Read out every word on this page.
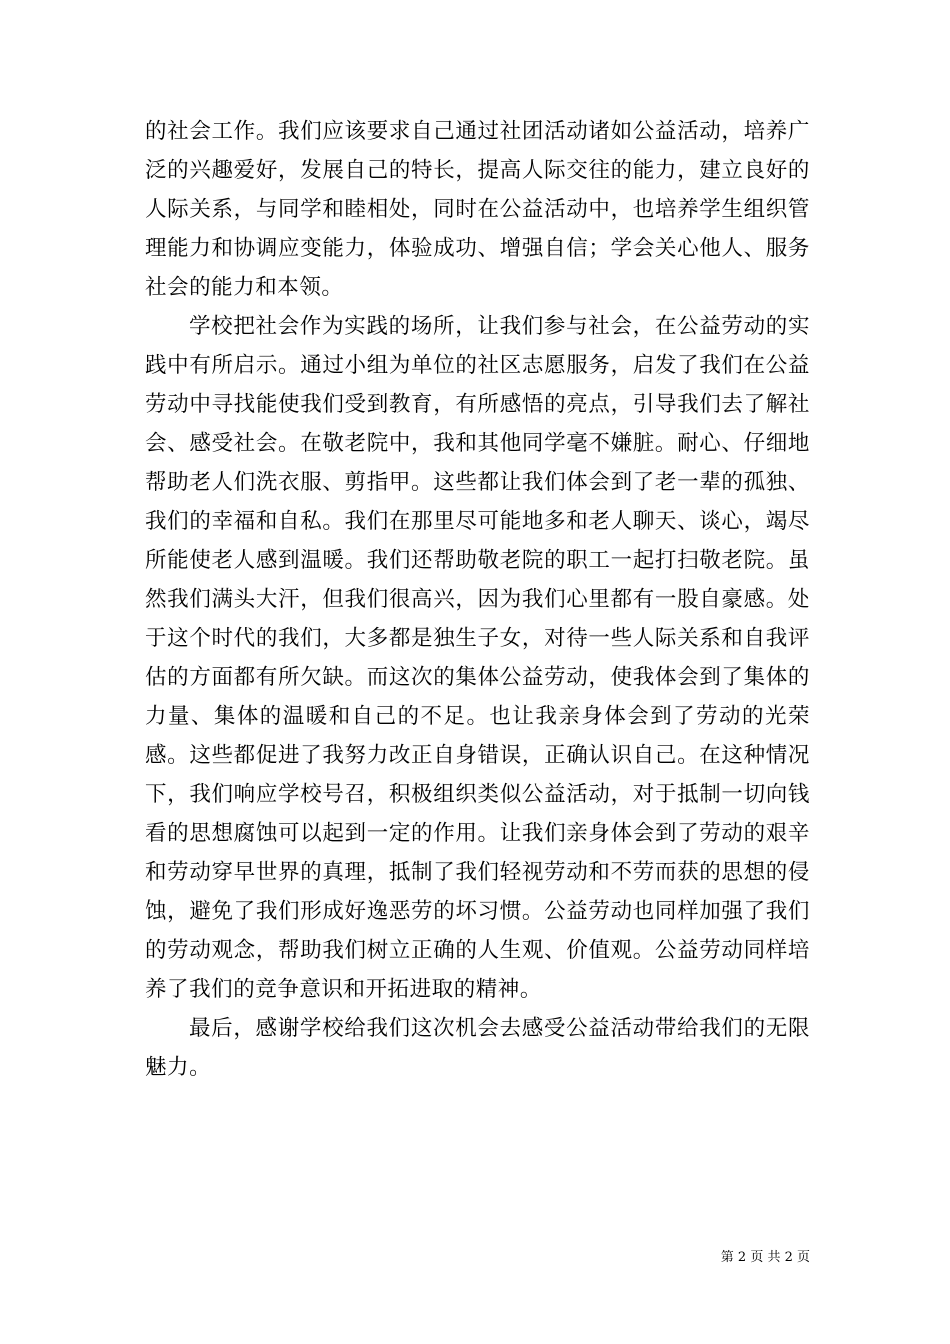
的社会工作。我们应该要求自己通过社团活动诸如公益活动，培养广泛的兴趣爱好，发展自己的特长，提高人际交往的能力，建立良好的人际关系，与同学和睦相处，同时在公益活动中，也培养学生组织管理能力和协调应变能力，体验成功、增强自信；学会关心他人、服务社会的能力和本领。

学校把社会作为实践的场所，让我们参与社会，在公益劳动的实践中有所启示。通过小组为单位的社区志愿服务，启发了我们在公益劳动中寻找能使我们受到教育，有所感悟的亮点，引导我们去了解社会、感受社会。在敬老院中，我和其他同学毫不嫌脏。耐心、仔细地帮助老人们洗衣服、剪指甲。这些都让我们体会到了老一辈的孤独、我们的幸福和自私。我们在那里尽可能地多和老人聊天、谈心，竭尽所能使老人感到温暖。我们还帮助敬老院的职工一起打扫敬老院。虽然我们满头大汗，但我们很高兴，因为我们心里都有一股自豪感。处于这个时代的我们，大多都是独生子女，对待一些人际关系和自我评估的方面都有所欠缺。而这次的集体公益劳动，使我体会到了集体的力量、集体的温暖和自己的不足。也让我亲身体会到了劳动的光荣感。这些都促进了我努力改正自身错误，正确认识自己。在这种情况下，我们响应学校号召，积极组织类似公益活动，对于抵制一切向钱看的思想腐蚀可以起到一定的作用。让我们亲身体会到了劳动的艰辛和劳动穿早世界的真理，抵制了我们轻视劳动和不劳而获的思想的侵蚀，避免了我们形成好逸恶劳的坏习惯。公益劳动也同样加强了我们的劳动观念，帮助我们树立正确的人生观、价值观。公益劳动同样培养了我们的竞争意识和开拓进取的精神。

最后，感谢学校给我们这次机会去感受公益活动带给我们的无限魅力。

第 2 页 共 2 页
